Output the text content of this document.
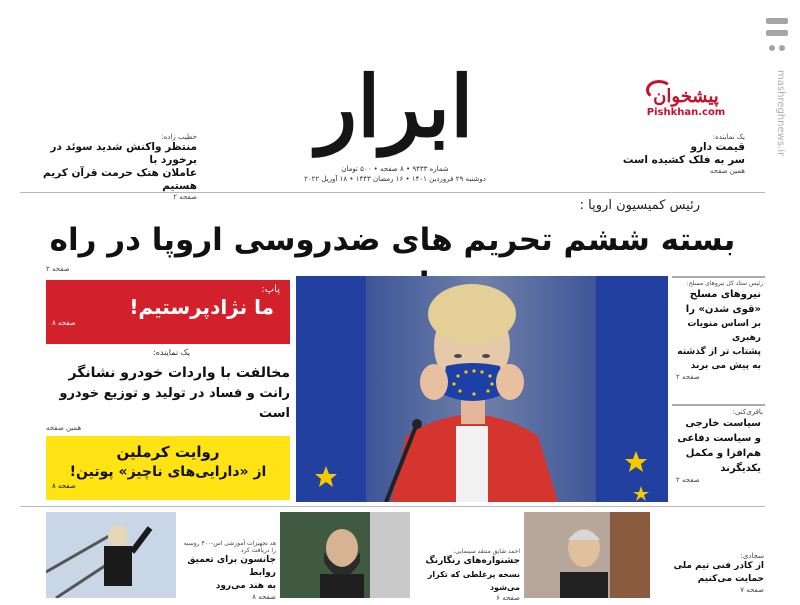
mashreghnews.ir
ابرار
شماره ۹۴۳۳ • ۸ صفحه • ۵۰۰ تومان
دوشنبه ۲۹ فروردین ۱۴۰۱ • ۱۶ رمضان ۱۴۴۳ • ۱۸ آوریل ۲۰۲۲
پیشخوان
Pishkhan.com
خطیب زاده:
منتظر واکنش شدید سوئد در برخورد با
عاملان هتک حرمت قرآن کریم هستیم
صفحه ۲
یک نماینده:
قیمت دارو
سر به فلک کشیده است
همین صفحه
رئیس کمیسیون اروپا :
بسته ششم تحریم های ضدروسی اروپا در راه
صفحه ۲
پاپ:
ما نژادپرستیم!
صفحه ۸
یک نماینده:
مخالفت با واردات خودرو نشانگر
رانت و فساد در تولید و توزیع خودرو است
همین صفحه
روایت کرملین
از «دارایی‌های ناچیز» پوتین!
صفحه ۸
رئیس ستاد کل نیروهای مسلح:
نیروهای مسلح
«قوی شدن» را
بر اساس منویات رهبری
پشتاب تر از گذشته
به پیش می برند
صفحه ۲
باقری‌کنی:
سیاست خارجی
و سیاست دفاعی
هم‌افزا و مکمل
یکدیگرند
صفحه ۲
هد تجهیزات آموزشی اس-۴۰۰ روسیه را دریافت کرد
جانسون برای تعمیق روابط
به هند می‌رود
صفحه ۸
احمد شایق منتقد سینمایی:
جشنواره‌های رنگارنگ
نسخه پرغلطی که تکرار می‌شود
صفحه ۶
سجادی:
از کادر فنی تیم ملی
حمایت می‌کنیم
صفحه ۷
